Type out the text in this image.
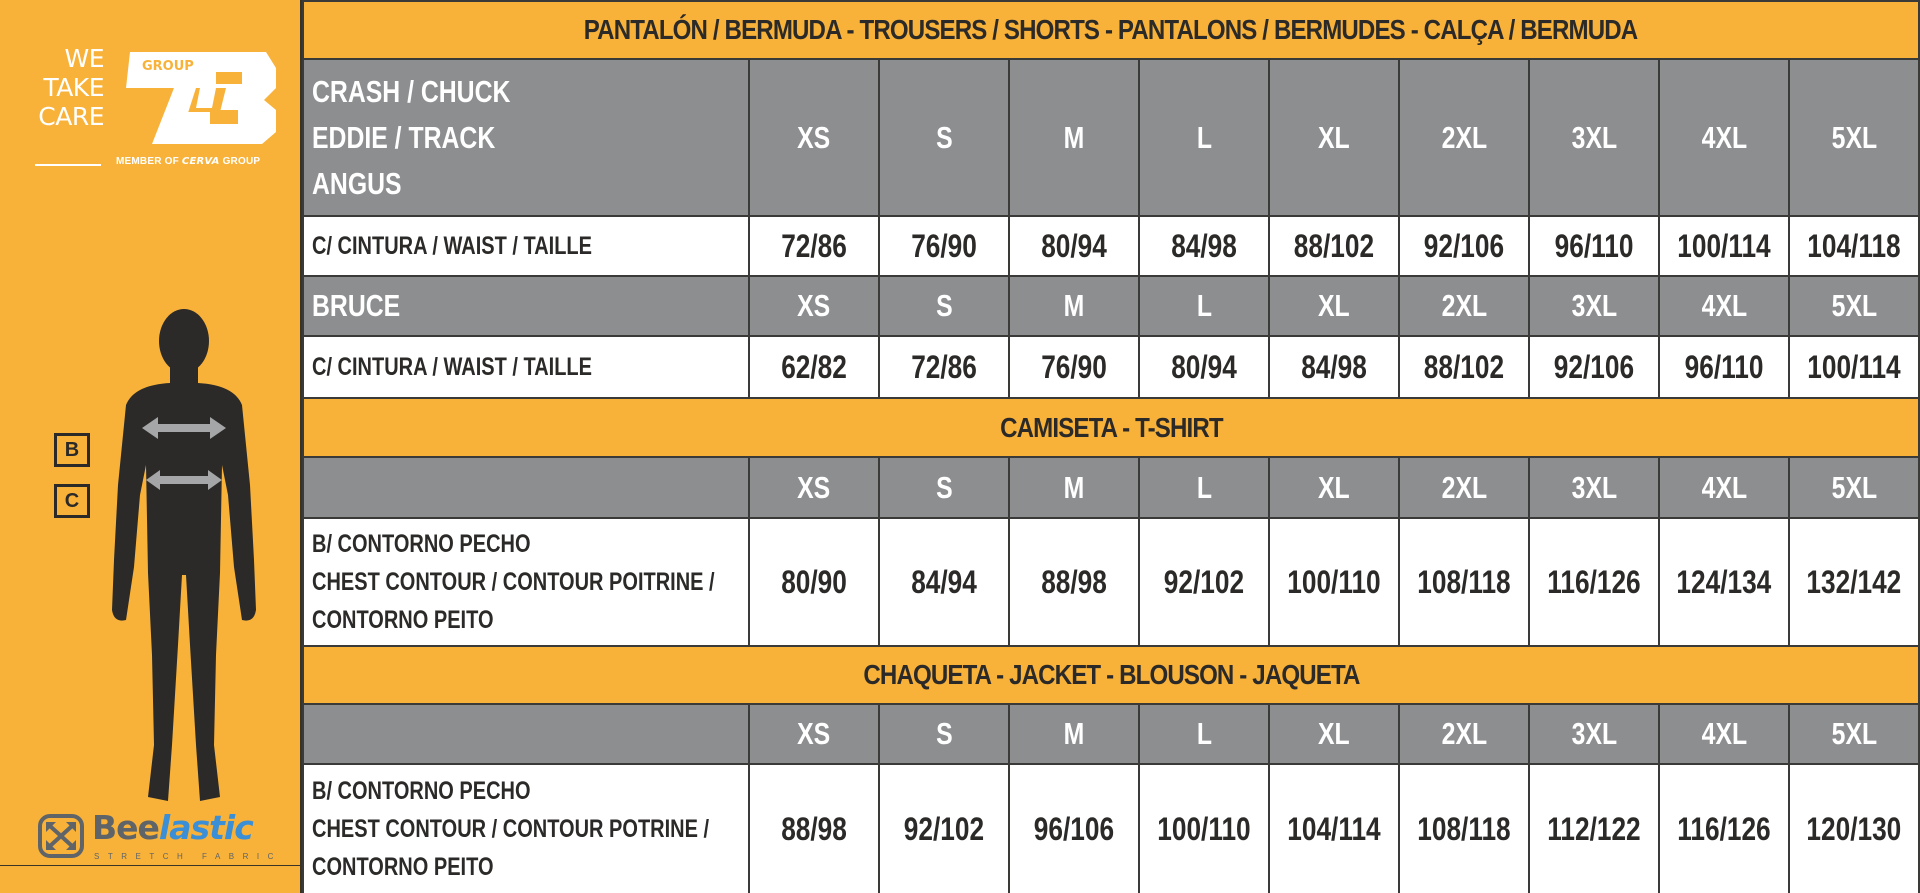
WE
TAKE
CARE
GROUP
MEMBER OF CERVA GROUP
B
C
Beelastic
STRETCH FABRIC
PANTALÓN / BERMUDA - TROUSERS / SHORTS - PANTALONS / BERMUDES - CALÇA / BERMUDA									

CRASH / CHUCK
EDDIE / TRACK
ANGUS	XS	S	M	L	XL	2XL	3XL	4XL	5XL

C/ CINTURA / WAIST / TAILLE	72/86	76/90	80/94	84/98	88/102	92/106	96/110	100/114	104/118

BRUCE	XS	S	M	L	XL	2XL	3XL	4XL	5XL

C/ CINTURA / WAIST / TAILLE	62/82	72/86	76/90	80/94	84/98	88/102	92/106	96/110	100/114
CAMISETA - T-SHIRT									
	XS	S	M	L	XL	2XL	3XL	4XL	5XL

B/ CONTORNO PECHO
CHEST CONTOUR / CONTOUR POITRINE /
CONTORNO PEITO	80/90	84/94	88/98	92/102	100/110	108/118	116/126	124/134	132/142
CHAQUETA - JACKET - BLOUSON - JAQUETA									
	XS	S	M	L	XL	2XL	3XL	4XL	5XL

B/ CONTORNO PECHO
CHEST CONTOUR / CONTOUR POTRINE /
CONTORNO PEITO	88/98	92/102	96/106	100/110	104/114	108/118	112/122	116/126	120/130
